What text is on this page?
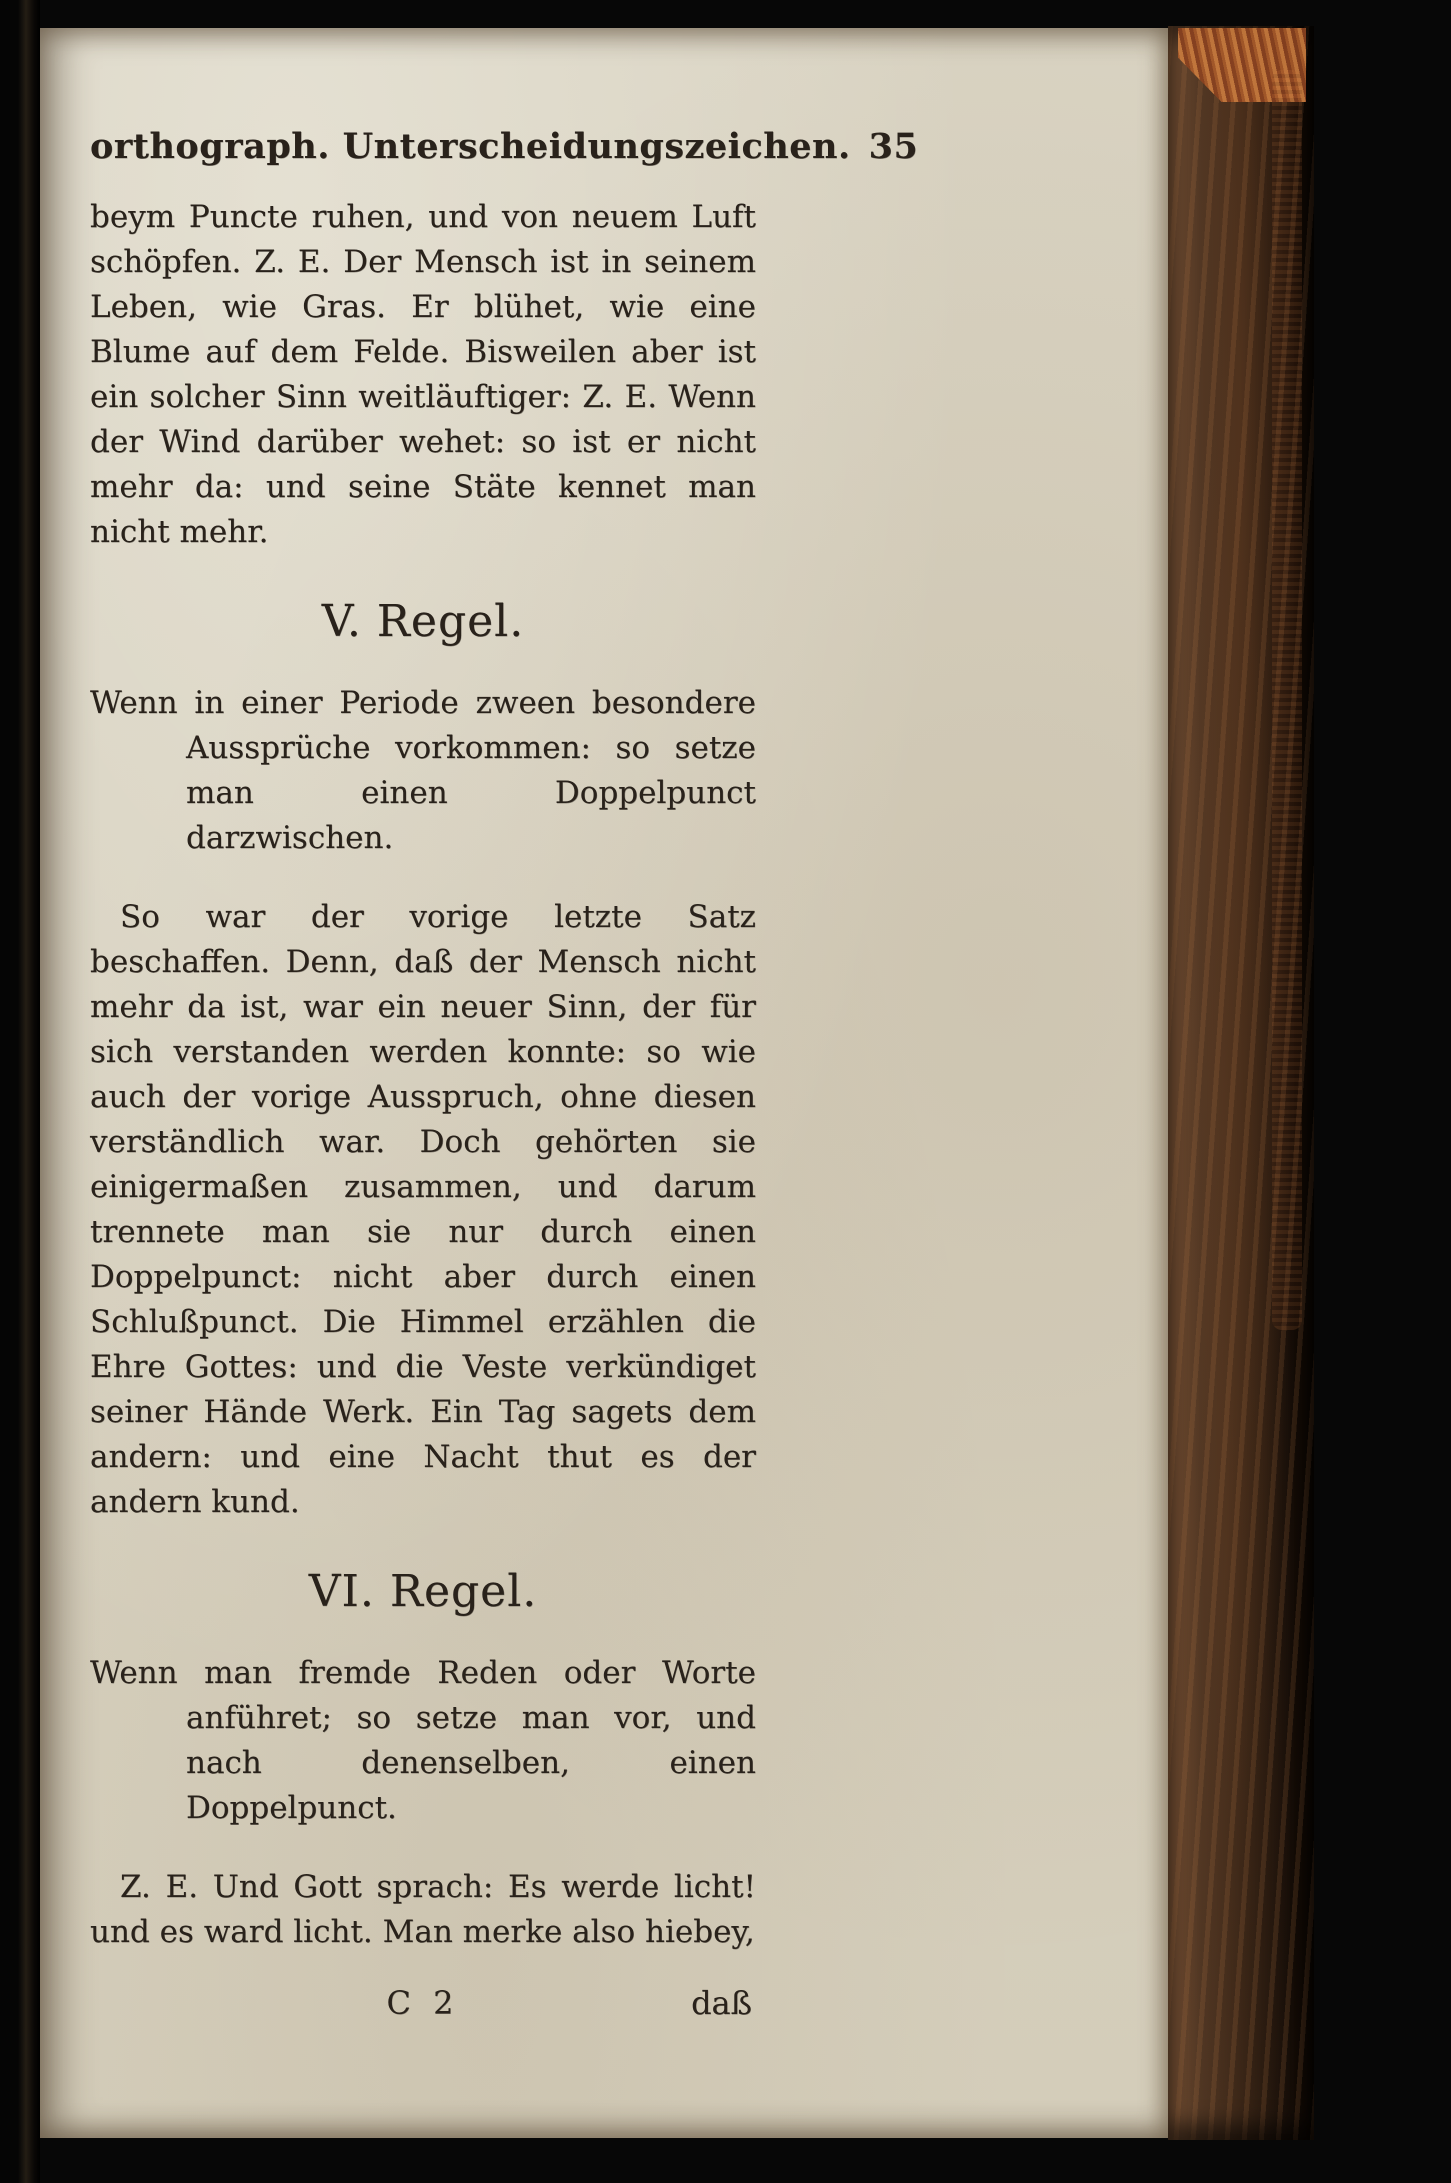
orthograph. Unterscheidungszeichen. 35

beym Puncte ruhen, und von neuem Luft schöpfen. Z. E. Der Mensch ist in seinem Leben, wie Gras. Er blühet, wie eine Blume auf dem Felde. Bisweilen aber ist ein solcher Sinn weitläuftiger: Z. E. Wenn der Wind darüber wehet: so ist er nicht mehr da: und seine Stäte kennet man nicht mehr.

V. Regel.

Wenn in einer Periode zween besondere Aussprüche vorkommen: so setze man einen Doppelpunct darzwischen.

So war der vorige letzte Satz beschaffen. Denn, daß der Mensch nicht mehr da ist, war ein neuer Sinn, der für sich verstanden werden konnte: so wie auch der vorige Ausspruch, ohne diesen verständlich war. Doch gehörten sie einigermaßen zusammen, und darum trennete man sie nur durch einen Doppelpunct: nicht aber durch einen Schlußpunct. Die Himmel erzählen die Ehre Gottes: und die Veste verkündiget seiner Hände Werk. Ein Tag sagets dem andern: und eine Nacht thut es der andern kund.

VI. Regel.

Wenn man fremde Reden oder Worte anführet; so setze man vor, und nach denenselben, einen Doppelpunct.

Z. E. Und Gott sprach: Es werde licht! und es ward licht. Man merke also hiebey,

C 2	daß
